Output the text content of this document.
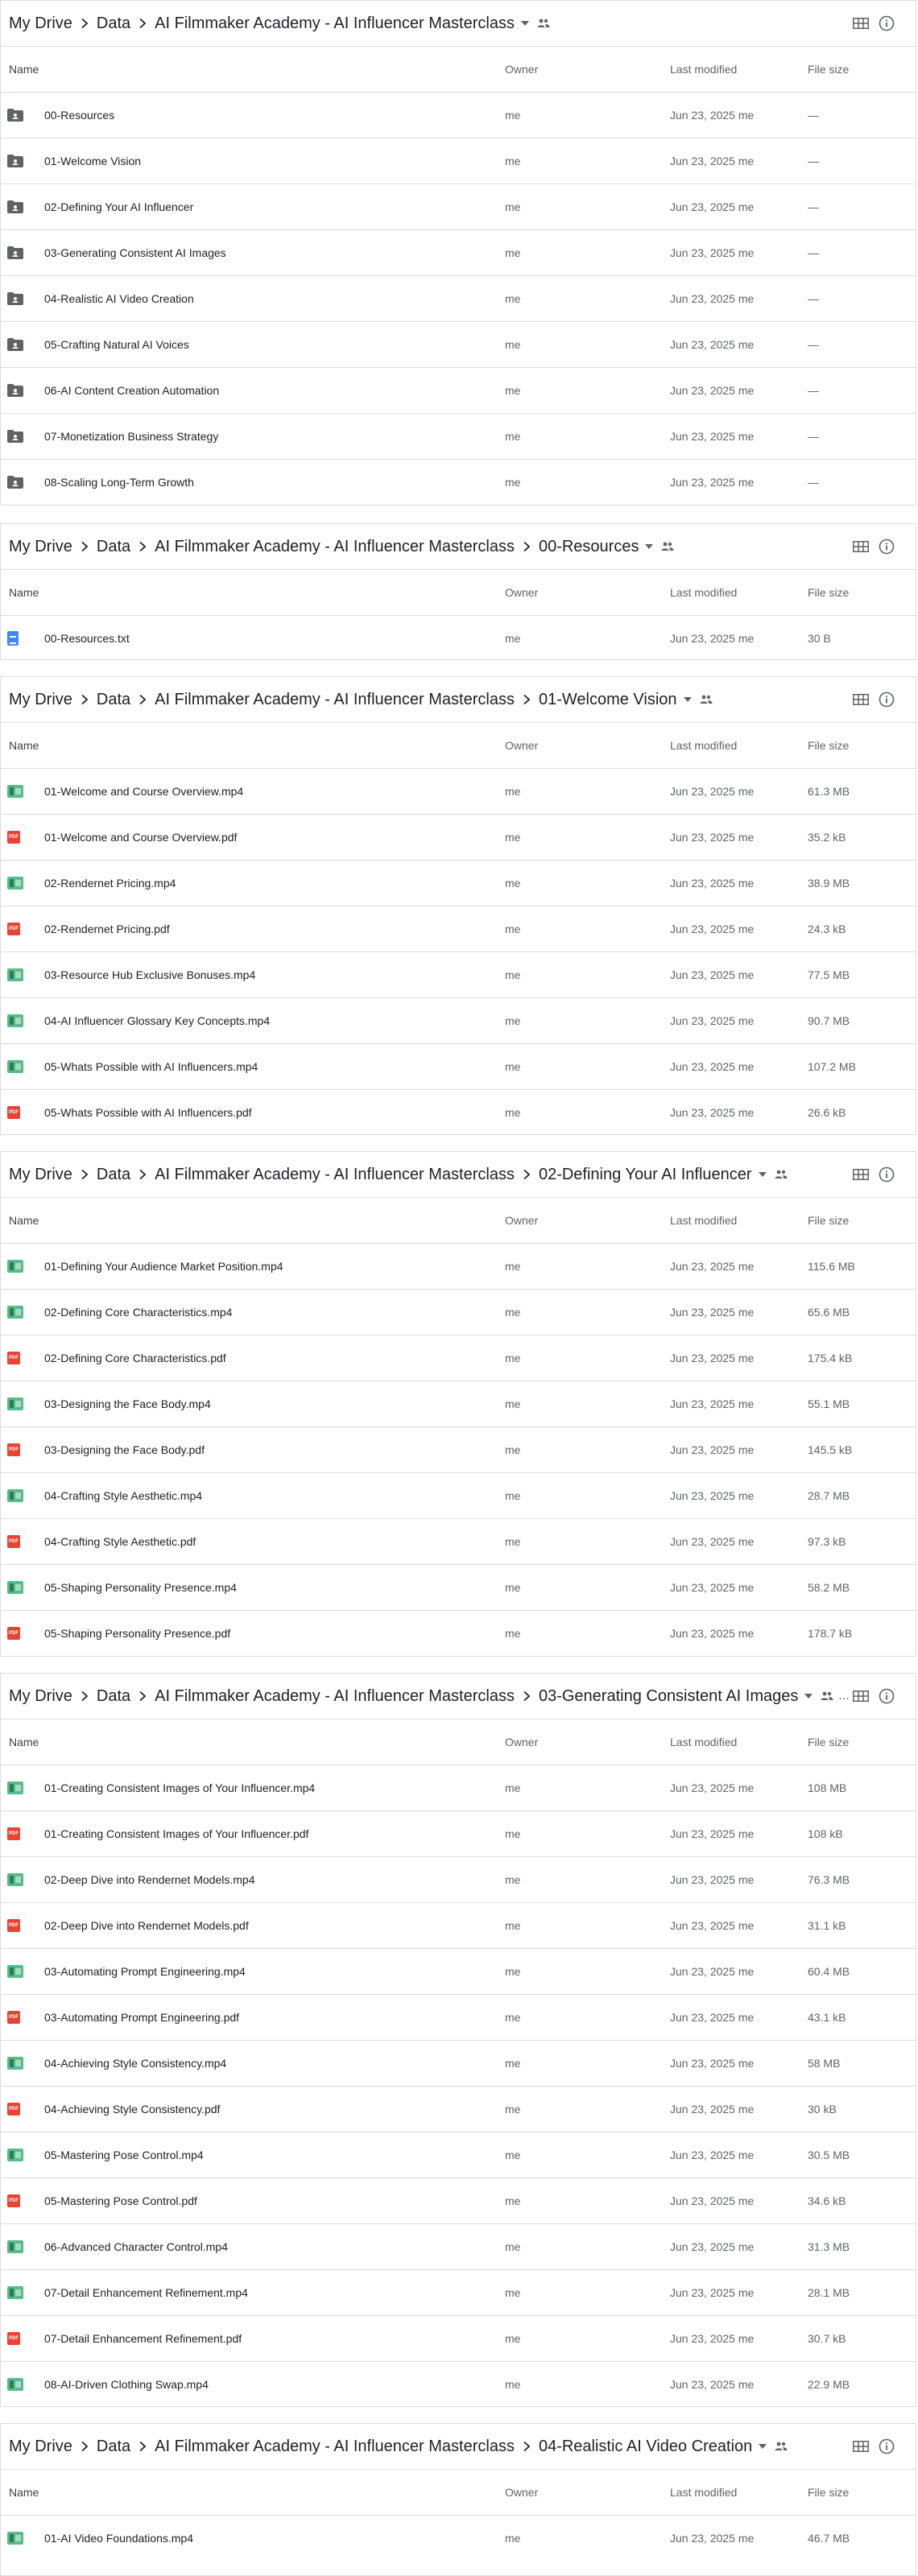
My Drive Data AI Filmmaker Academy - AI Influencer Masterclass
Name	Owner	Last modified	File size
00-Resources	me	Jun 23, 2025 me	—
01-Welcome Vision	me	Jun 23, 2025 me	—
02-Defining Your AI Influencer	me	Jun 23, 2025 me	—
03-Generating Consistent AI Images	me	Jun 23, 2025 me	—
04-Realistic AI Video Creation	me	Jun 23, 2025 me	—
05-Crafting Natural AI Voices	me	Jun 23, 2025 me	—
06-AI Content Creation Automation	me	Jun 23, 2025 me	—
07-Monetization Business Strategy	me	Jun 23, 2025 me	—
08-Scaling Long-Term Growth	me	Jun 23, 2025 me	—
My Drive Data AI Filmmaker Academy - AI Influencer Masterclass 00-Resources
Name	Owner	Last modified	File size
00-Resources.txt	me	Jun 23, 2025 me	30 B
My Drive Data AI Filmmaker Academy - AI Influencer Masterclass 01-Welcome Vision
Name	Owner	Last modified	File size
01-Welcome and Course Overview.mp4	me	Jun 23, 2025 me	61.3 MB
PDF 01-Welcome and Course Overview.pdf	me	Jun 23, 2025 me	35.2 kB
02-Rendernet Pricing.mp4	me	Jun 23, 2025 me	38.9 MB
PDF 02-Rendernet Pricing.pdf	me	Jun 23, 2025 me	24.3 kB
03-Resource Hub Exclusive Bonuses.mp4	me	Jun 23, 2025 me	77.5 MB
04-AI Influencer Glossary Key Concepts.mp4	me	Jun 23, 2025 me	90.7 MB
05-Whats Possible with AI Influencers.mp4	me	Jun 23, 2025 me	107.2 MB
PDF 05-Whats Possible with AI Influencers.pdf	me	Jun 23, 2025 me	26.6 kB
My Drive Data AI Filmmaker Academy - AI Influencer Masterclass 02-Defining Your AI Influencer
Name	Owner	Last modified	File size
01-Defining Your Audience Market Position.mp4	me	Jun 23, 2025 me	115.6 MB
02-Defining Core Characteristics.mp4	me	Jun 23, 2025 me	65.6 MB
PDF 02-Defining Core Characteristics.pdf	me	Jun 23, 2025 me	175.4 kB
03-Designing the Face Body.mp4	me	Jun 23, 2025 me	55.1 MB
PDF 03-Designing the Face Body.pdf	me	Jun 23, 2025 me	145.5 kB
04-Crafting Style Aesthetic.mp4	me	Jun 23, 2025 me	28.7 MB
PDF 04-Crafting Style Aesthetic.pdf	me	Jun 23, 2025 me	97.3 kB
05-Shaping Personality Presence.mp4	me	Jun 23, 2025 me	58.2 MB
PDF 05-Shaping Personality Presence.pdf	me	Jun 23, 2025 me	178.7 kB
My Drive Data AI Filmmaker Academy - AI Influencer Masterclass 03-Generating Consistent AI Images	...
Name	Owner	Last modified	File size
01-Creating Consistent Images of Your Influencer.mp4	me	Jun 23, 2025 me	108 MB
PDF 01-Creating Consistent Images of Your Influencer.pdf	me	Jun 23, 2025 me	108 kB
02-Deep Dive into Rendernet Models.mp4	me	Jun 23, 2025 me	76.3 MB
PDF 02-Deep Dive into Rendernet Models.pdf	me	Jun 23, 2025 me	31.1 kB
03-Automating Prompt Engineering.mp4	me	Jun 23, 2025 me	60.4 MB
PDF 03-Automating Prompt Engineering.pdf	me	Jun 23, 2025 me	43.1 kB
04-Achieving Style Consistency.mp4	me	Jun 23, 2025 me	58 MB
PDF 04-Achieving Style Consistency.pdf	me	Jun 23, 2025 me	30 kB
05-Mastering Pose Control.mp4	me	Jun 23, 2025 me	30.5 MB
PDF 05-Mastering Pose Control.pdf	me	Jun 23, 2025 me	34.6 kB
06-Advanced Character Control.mp4	me	Jun 23, 2025 me	31.3 MB
07-Detail Enhancement Refinement.mp4	me	Jun 23, 2025 me	28.1 MB
PDF 07-Detail Enhancement Refinement.pdf	me	Jun 23, 2025 me	30.7 kB
08-AI-Driven Clothing Swap.mp4	me	Jun 23, 2025 me	22.9 MB
My Drive Data AI Filmmaker Academy - AI Influencer Masterclass 04-Realistic AI Video Creation
Name	Owner	Last modified	File size
01-AI Video Foundations.mp4	me	Jun 23, 2025 me	46.7 MB
